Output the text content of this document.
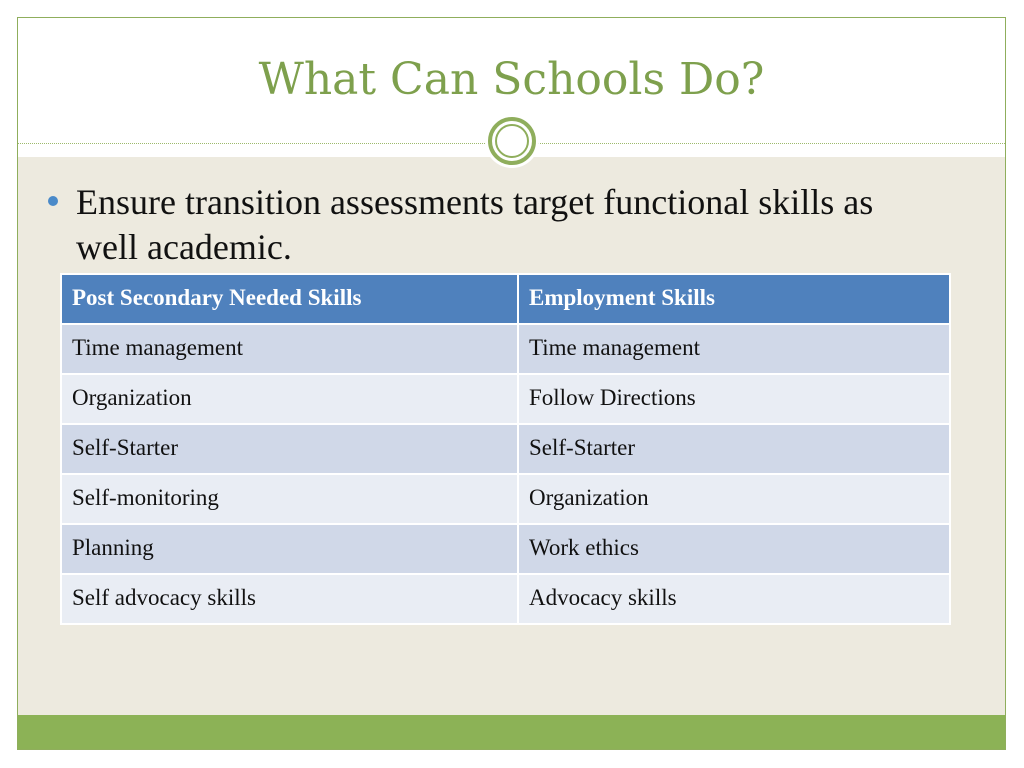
What Can Schools Do?
Ensure transition assessments target functional skills as well academic.
Post Secondary Needed Skills	Employment Skills
Time management	Time management
Organization	Follow Directions
Self-Starter	Self-Starter
Self-monitoring	Organization
Planning	Work ethics
Self advocacy skills	Advocacy skills
